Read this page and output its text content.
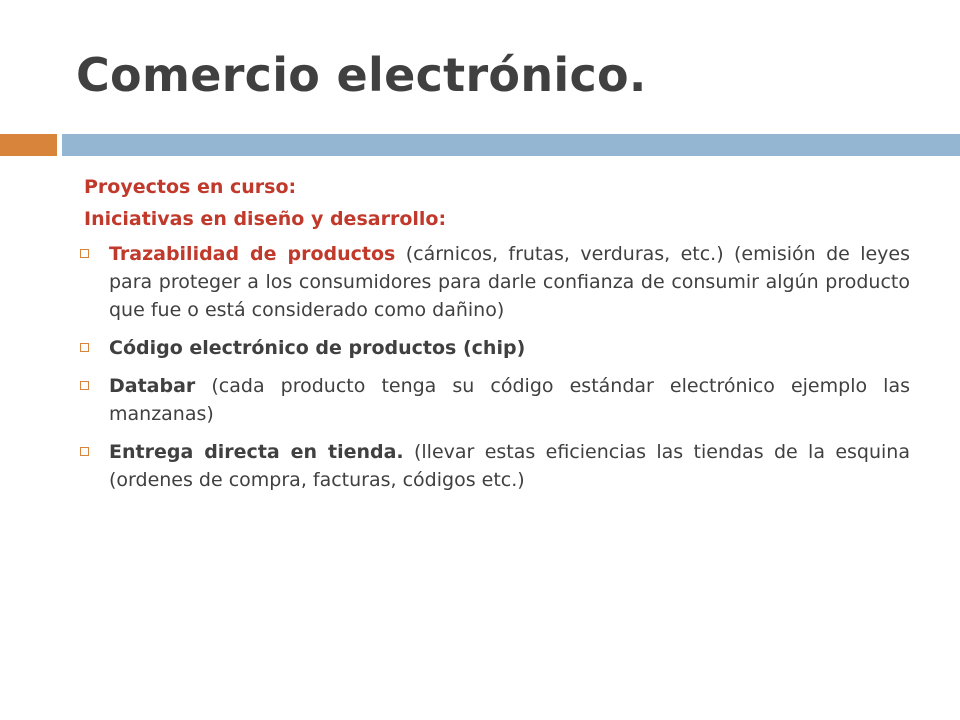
Comercio electrónico.

Proyectos en curso:

Iniciativas en diseño y desarrollo:

Trazabilidad de productos (cárnicos, frutas, verduras, etc.) (emisión de leyes para proteger a los consumidores para darle confianza de consumir algún producto que fue o está considerado como dañino)
Código electrónico de productos (chip)
Databar (cada producto tenga su código estándar electrónico ejemplo las manzanas)
Entrega directa en tienda. (llevar estas eficiencias las tiendas de la esquina (ordenes de compra, facturas, códigos etc.)
